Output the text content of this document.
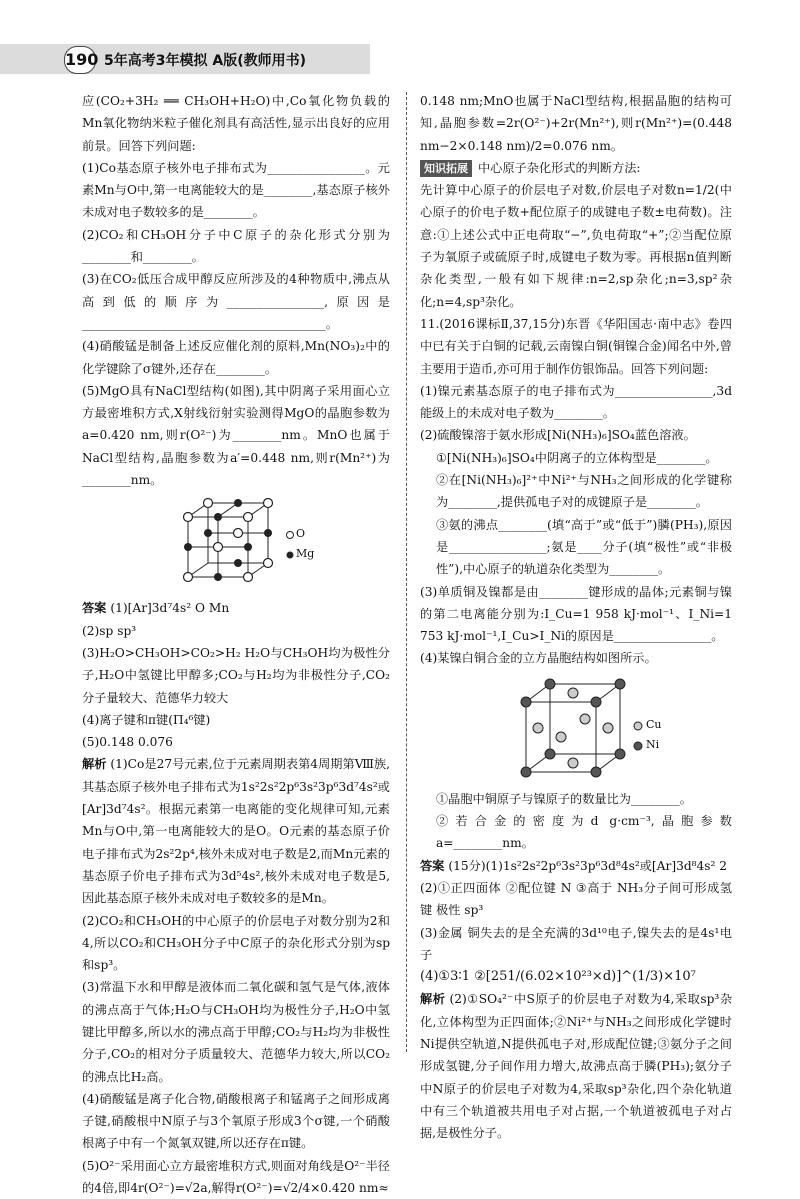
190 5年高考3年模拟 A版(教师用书)

应(CO₂+3H₂ ══ CH₃OH+H₂O)中,Co氧化物负载的Mn氧化物纳米粒子催化剂具有高活性,显示出良好的应用前景。回答下列问题:

(1)Co基态原子核外电子排布式为________________。元素Mn与O中,第一电离能较大的是________,基态原子核外未成对电子数较多的是________。

(2)CO₂和CH₃OH分子中C原子的杂化形式分别为________和________。

(3)在CO₂低压合成甲醇反应所涉及的4种物质中,沸点从高到低的顺序为________________,原因是________________________________________。

(4)硝酸锰是制备上述反应催化剂的原料,Mn(NO₃)₂中的化学键除了σ键外,还存在________。

(5)MgO具有NaCl型结构(如图),其中阴离子采用面心立方最密堆积方式,X射线衍射实验测得MgO的晶胞参数为a=0.420 nm,则r(O²⁻)为________nm。MnO也属于NaCl型结构,晶胞参数为a′=0.448 nm,则r(Mn²⁺)为________nm。

O
Mg

答案 (1)[Ar]3d⁷4s² O Mn

(2)sp sp³

(3)H₂O>CH₃OH>CO₂>H₂ H₂O与CH₃OH均为极性分子,H₂O中氢键比甲醇多;CO₂与H₂均为非极性分子,CO₂分子量较大、范德华力较大

(4)离子键和π键(Π₄⁶键)

(5)0.148 0.076

解析 (1)Co是27号元素,位于元素周期表第4周期第Ⅷ族,其基态原子核外电子排布式为1s²2s²2p⁶3s²3p⁶3d⁷4s²或[Ar]3d⁷4s²。根据元素第一电离能的变化规律可知,元素Mn与O中,第一电离能较大的是O。O元素的基态原子价电子排布式为2s²2p⁴,核外未成对电子数是2,而Mn元素的基态原子价电子排布式为3d⁵4s²,核外未成对电子数是5,因此基态原子核外未成对电子数较多的是Mn。

(2)CO₂和CH₃OH的中心原子的价层电子对数分别为2和4,所以CO₂和CH₃OH分子中C原子的杂化形式分别为sp和sp³。

(3)常温下水和甲醇是液体而二氧化碳和氢气是气体,液体的沸点高于气体;H₂O与CH₃OH均为极性分子,H₂O中氢键比甲醇多,所以水的沸点高于甲醇;CO₂与H₂均为非极性分子,CO₂的相对分子质量较大、范德华力较大,所以CO₂的沸点比H₂高。

(4)硝酸锰是离子化合物,硝酸根离子和锰离子之间形成离子键,硝酸根中N原子与3个氧原子形成3个σ键,一个硝酸根离子中有一个氮氧双键,所以还存在π键。

(5)O²⁻采用面心立方最密堆积方式,则面对角线是O²⁻半径的4倍,即4r(O²⁻)=√2a,解得r(O²⁻)=√2/4×0.420 nm≈

0.148 nm;MnO也属于NaCl型结构,根据晶胞的结构可知,晶胞参数=2r(O²⁻)+2r(Mn²⁺),则r(Mn²⁺)=(0.448 nm−2×0.148 nm)/2=0.076 nm。

知识拓展 中心原子杂化形式的判断方法:

先计算中心原子的价层电子对数,价层电子对数n=1/2(中心原子的价电子数+配位原子的成键电子数±电荷数)。注意:①上述公式中正电荷取“−”,负电荷取“+”;②当配位原子为氧原子或硫原子时,成键电子数为零。再根据n值判断杂化类型,一般有如下规律:n=2,sp杂化;n=3,sp²杂化;n=4,sp³杂化。

11.(2016课标Ⅱ,37,15分)东晋《华阳国志·南中志》卷四中已有关于白铜的记载,云南镍白铜(铜镍合金)闻名中外,曾主要用于造币,亦可用于制作仿银饰品。回答下列问题:

(1)镍元素基态原子的电子排布式为________________,3d能级上的未成对电子数为________。

(2)硫酸镍溶于氨水形成[Ni(NH₃)₆]SO₄蓝色溶液。

①[Ni(NH₃)₆]SO₄中阴离子的立体构型是________。

②在[Ni(NH₃)₆]²⁺中Ni²⁺与NH₃之间形成的化学键称为________,提供孤电子对的成键原子是________。

③氨的沸点________(填“高于”或“低于”)膦(PH₃),原因是________________;氨是____分子(填“极性”或“非极性”),中心原子的轨道杂化类型为________。

(3)单质铜及镍都是由________键形成的晶体;元素铜与镍的第二电离能分别为:I_Cu=1 958 kJ·mol⁻¹、I_Ni=1 753 kJ·mol⁻¹,I_Cu>I_Ni的原因是________________。

(4)某镍白铜合金的立方晶胞结构如图所示。

Cu
Ni

①晶胞中铜原子与镍原子的数量比为________。

②若合金的密度为d g·cm⁻³,晶胞参数a=________nm。

答案 (15分)(1)1s²2s²2p⁶3s²3p⁶3d⁸4s²或[Ar]3d⁸4s² 2

(2)①正四面体 ②配位键 N ③高于 NH₃分子间可形成氢键 极性 sp³

(3)金属 铜失去的是全充满的3d¹⁰电子,镍失去的是4s¹电子

(4)①3∶1 ②[251/(6.02×10²³×d)]^(1/3)×10⁷

解析 (2)①SO₄²⁻中S原子的价层电子对数为4,采取sp³杂化,立体构型为正四面体;②Ni²⁺与NH₃之间形成化学键时Ni提供空轨道,N提供孤电子对,形成配位键;③氨分子之间形成氢键,分子间作用力增大,故沸点高于膦(PH₃);氨分子中N原子的价层电子对数为4,采取sp³杂化,四个杂化轨道中有三个轨道被共用电子对占据,一个轨道被孤电子对占据,是极性分子。
